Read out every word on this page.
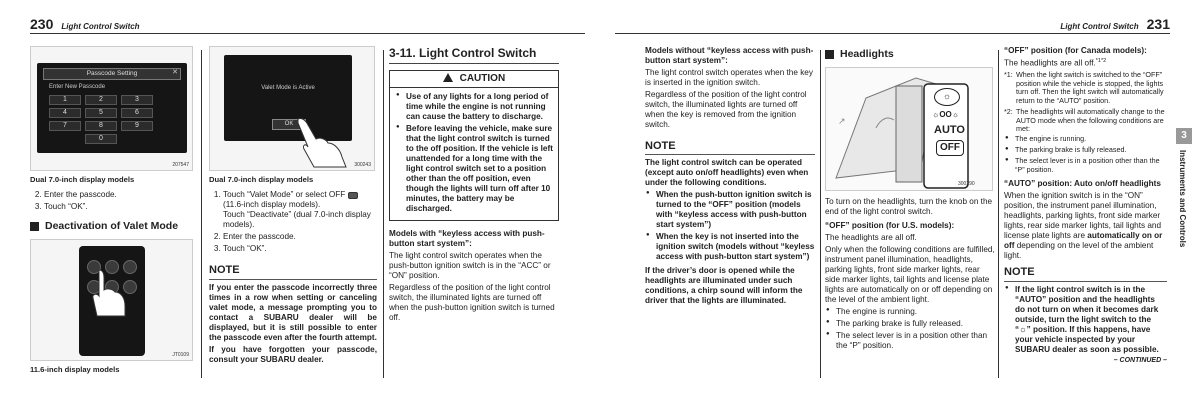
230 Light Control Switch
Passcode Setting	✕
Enter New Passcode
1	2	3
4	5	6
7	8	9
0
207547
Dual 7.0-inch display models
2. Enter the passcode.
3. Touch “OK”.
Deactivation of Valet Mode
JT0109
11.6-inch display models
Valet Mode is Active
OK
300243
Dual 7.0-inch display models
1. Touch “Valet Mode” or select OFF  (11.6-inch display models).
Touch “Deactivate” (dual 7.0-inch display models).
2. Enter the passcode.
3. Touch “OK”.
NOTE

If you enter the passcode incorrectly three times in a row when setting or canceling valet mode, a message prompting you to contact a SUBARU dealer will be displayed, but it is still possible to enter the passcode even after the fourth attempt.

If you have forgotten your passcode, consult your SUBARU dealer.

3-11. Light Control Switch
CAUTION
● Use of any lights for a long period of time while the engine is not running can cause the battery to discharge.
● Before leaving the vehicle, make sure that the light control switch is turned to the off position. If the vehicle is left unattended for a long time with the light control switch set to a position other than the off position, even though the lights will turn off after 10 minutes, the battery may be discharged.

Models with “keyless access with push-button start system”:

The light control switch operates when the push-button ignition switch is in the “ACC” or “ON” position.

Regardless of the position of the light control switch, the illuminated lights are turned off when the push-button ignition switch is turned off.

Light Control Switch 231

Models without “keyless access with push-button start system”:

The light control switch operates when the key is inserted in the ignition switch.

Regardless of the position of the light control switch, the illuminated lights are turned off when the key is removed from the ignition switch.

NOTE

The light control switch can be operated (except auto on/off headlights) even when under the following conditions.

● When the push-button ignition switch is turned to the “OFF” position (models with “keyless access with push-button start system”)
● When the key is not inserted into the ignition switch (models without “keyless access with push-button start system”)

If the driver’s door is opened while the headlights are illuminated under such conditions, a chirp sound will inform the driver that the lights are illuminated.

Headlights
☼
☼OO☼
AUTO
OFF
↗
300290

To turn on the headlights, turn the knob on the end of the light control switch.

“OFF” position (for U.S. models):

The headlights are all off.

Only when the following conditions are fulfilled, instrument panel illumination, headlights, parking lights, front side marker lights, rear side marker lights, tail lights and license plate lights are automatically on or off depending on the level of the ambient light.

● The engine is running.
● The parking brake is fully released.
● The select lever is in a position other than the “P” position.

“OFF” position (for Canada models):

The headlights are all off.$^{*1*2}$

*1: When the light switch is switched to the “OFF” position while the vehicle is stopped, the lights turn off. Then the light switch will automatically return to the “AUTO” position.
*2: The headlights will automatically change to the AUTO mode when the following conditions are met:
● The engine is running.
● The parking brake is fully released.
● The select lever is in a position other than the “P” position.

“AUTO” position: Auto on/off headlights

When the ignition switch is in the “ON” position, the instrument panel illumination, headlights, parking lights, front side marker lights, rear side marker lights, tail lights and license plate lights are automatically on or off depending on the level of the ambient light.

NOTE
● If the light control switch is in the “AUTO” position and the headlights do not turn on when it becomes dark outside, turn the light switch to the “☼” position. If this happens, have your vehicle inspected by your SUBARU dealer as soon as possible.
– CONTINUED –
3
Instruments and Controls
